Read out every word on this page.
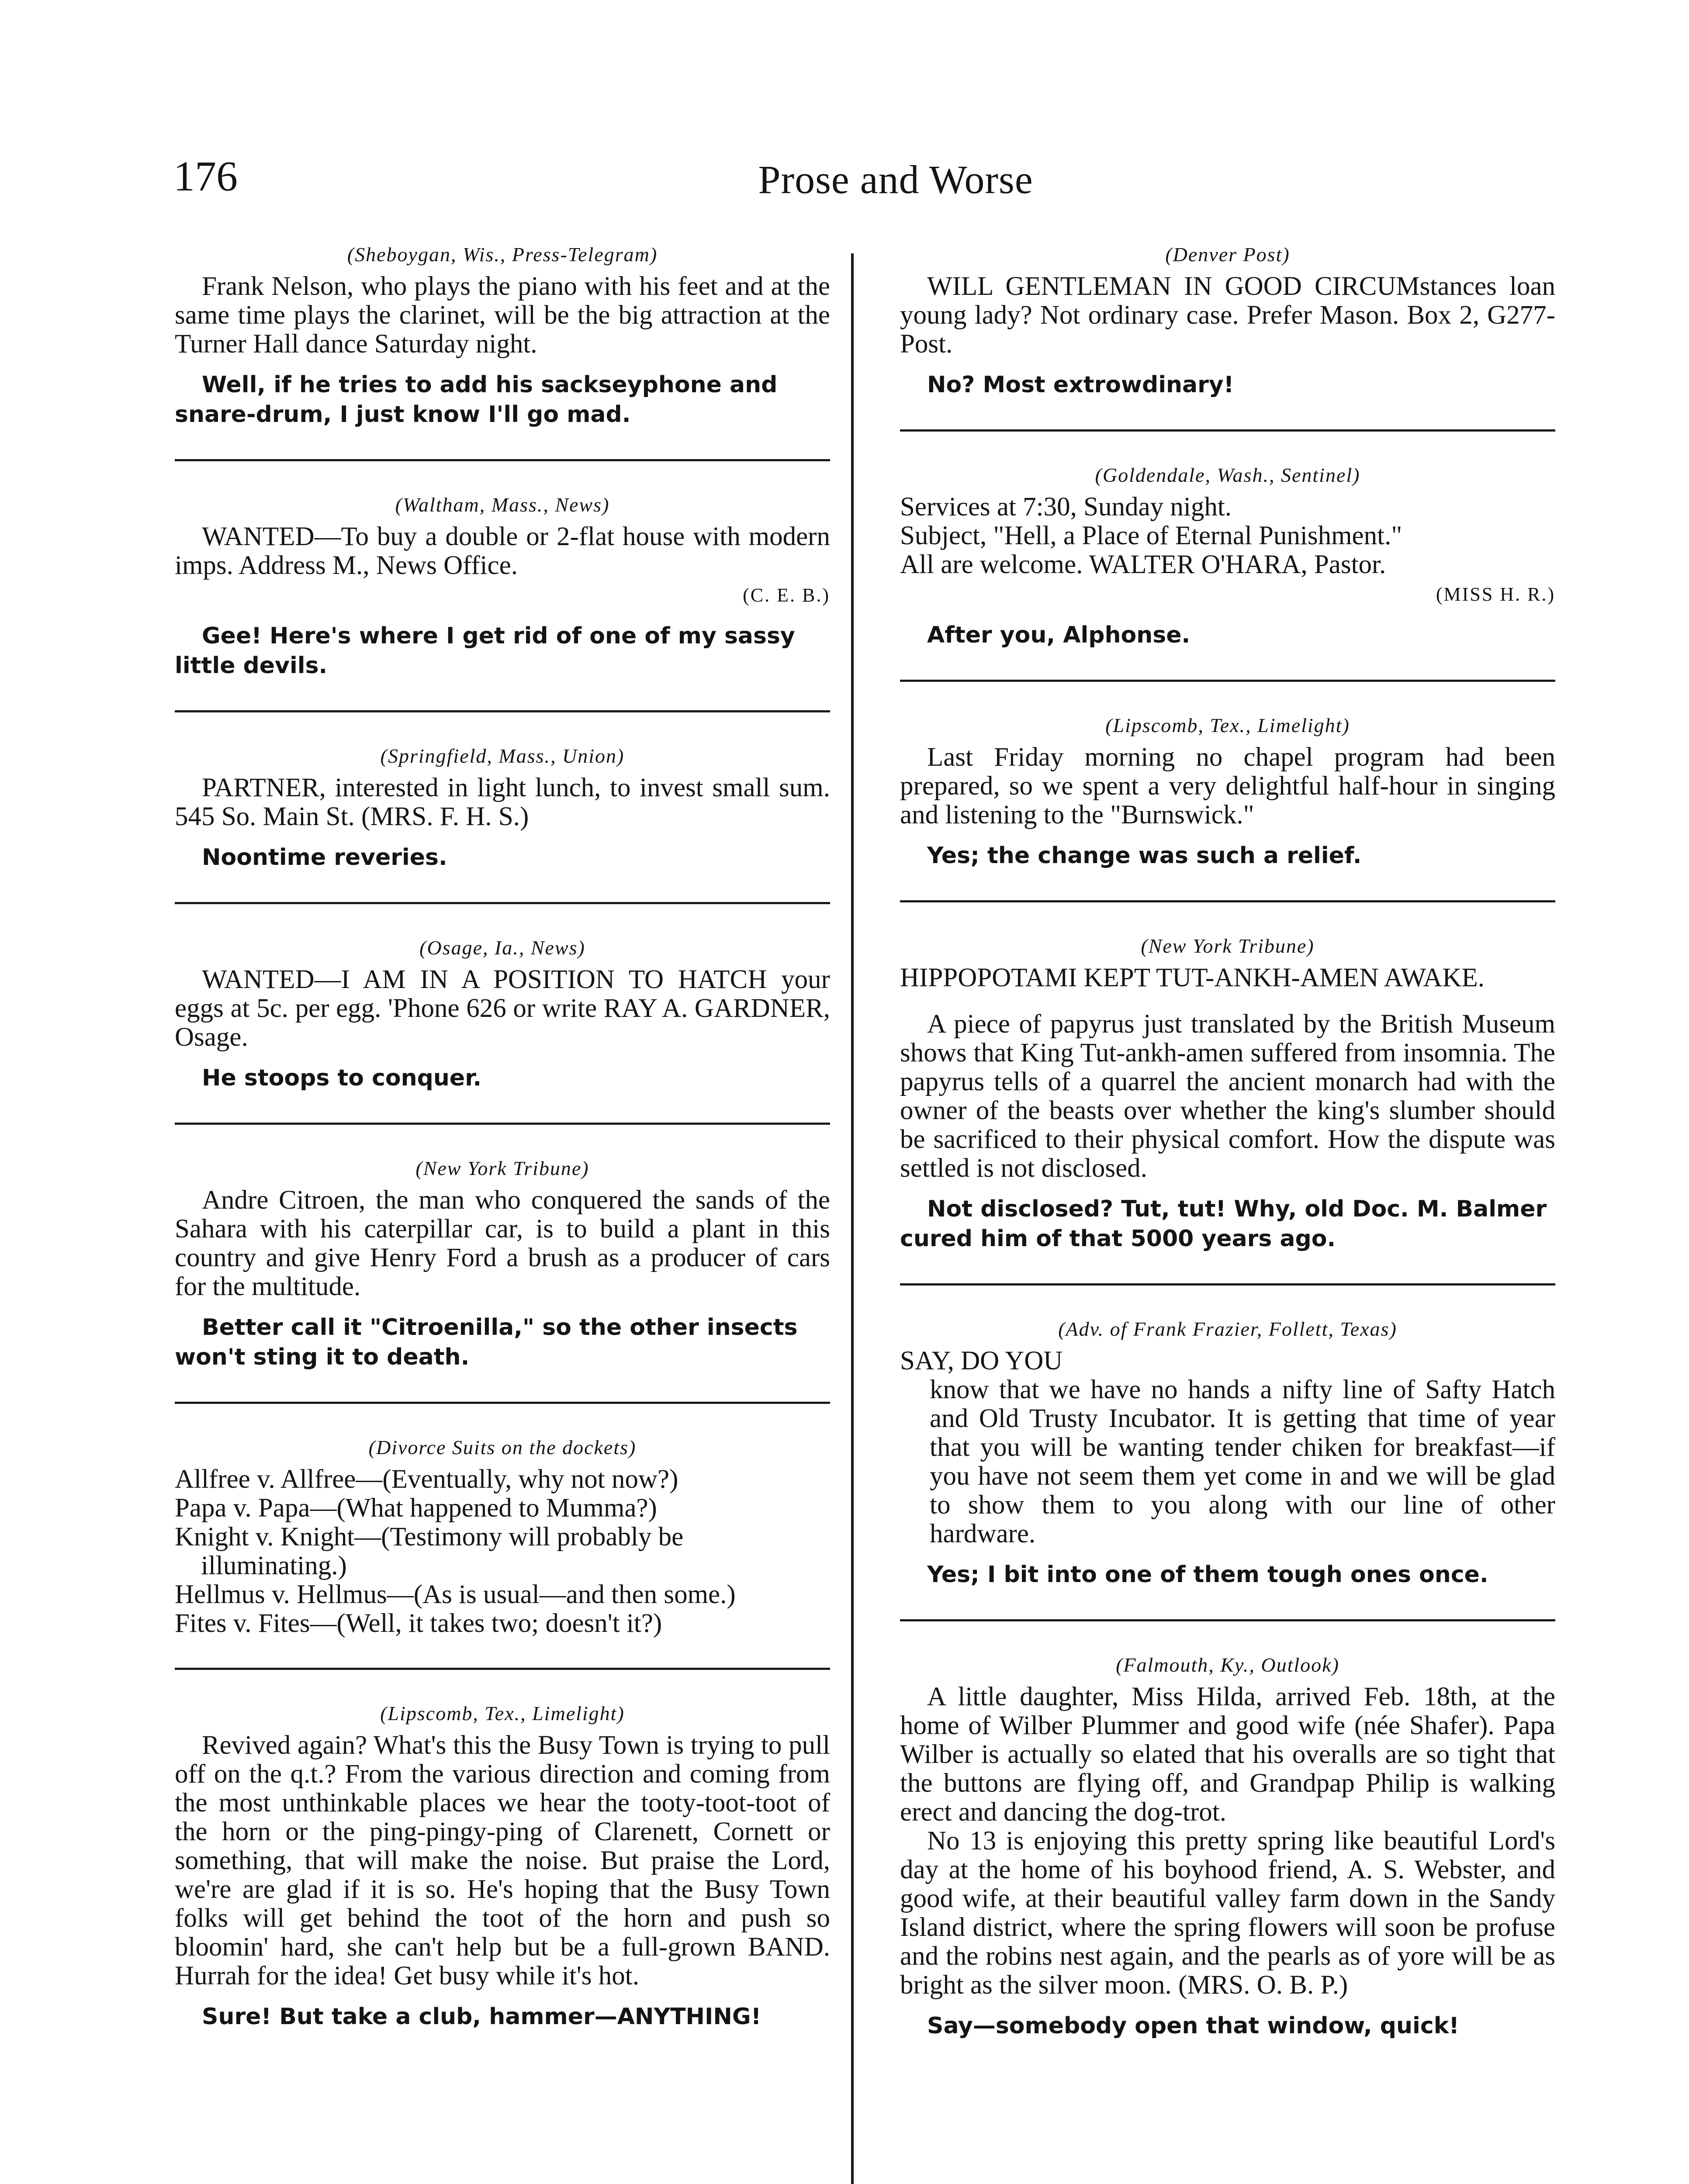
176	Prose and Worse
(Sheboygan, Wis., Press-Telegram)

Frank Nelson, who plays the piano with his feet and at the same time plays the clarinet, will be the big attraction at the Turner Hall dance Saturday night.

Well, if he tries to add his sackseyphone and snare-drum, I just know I'll go mad.
(Waltham, Mass., News)

WANTED—To buy a double or 2-flat house with modern imps. Address M., News Office.

(C. E. B.)
Gee! Here's where I get rid of one of my sassy little devils.
(Springfield, Mass., Union)

PARTNER, interested in light lunch, to invest small sum. 545 So. Main St. (MRS. F. H. S.)

Noontime reveries.
(Osage, Ia., News)

WANTED—I AM IN A POSITION TO HATCH your eggs at 5c. per egg. 'Phone 626 or write RAY A. GARDNER, Osage.

He stoops to conquer.
(New York Tribune)

Andre Citroen, the man who conquered the sands of the Sahara with his caterpillar car, is to build a plant in this country and give Henry Ford a brush as a producer of cars for the multitude.

Better call it "Citroenilla," so the other insects won't sting it to death.
(Divorce Suits on the dockets)

Allfree v. Allfree—(Eventually, why not now?)

Papa v. Papa—(What happened to Mumma?)

Knight v. Knight—(Testimony will probably be illuminating.)

Hellmus v. Hellmus—(As is usual—and then some.)

Fites v. Fites—(Well, it takes two; doesn't it?)

(Lipscomb, Tex., Limelight)

Revived again? What's this the Busy Town is trying to pull off on the q.t.? From the various direction and coming from the most unthinkable places we hear the tooty-toot-toot of the horn or the ping-pingy-ping of Clarenett, Cornett or something, that will make the noise. But praise the Lord, we're are glad if it is so. He's hoping that the Busy Town folks will get behind the toot of the horn and push so bloomin' hard, she can't help but be a full-grown BAND. Hurrah for the idea! Get busy while it's hot.

Sure! But take a club, hammer—ANYTHING!
(Denver Post)

WILL GENTLEMAN IN GOOD CIRCUMstances loan young lady? Not ordinary case. Prefer Mason. Box 2, G277-Post.

No? Most extrowdinary!
(Goldendale, Wash., Sentinel)

Services at 7:30, Sunday night.

Subject, "Hell, a Place of Eternal Punishment."

All are welcome. WALTER O'HARA, Pastor.

(MISS H. R.)
After you, Alphonse.
(Lipscomb, Tex., Limelight)

Last Friday morning no chapel program had been prepared, so we spent a very delightful half-hour in singing and listening to the "Burnswick."

Yes; the change was such a relief.
(New York Tribune)

HIPPOPOTAMI KEPT TUT-ANKH-AMEN AWAKE.

A piece of papyrus just translated by the British Museum shows that King Tut-ankh-amen suffered from insomnia. The papyrus tells of a quarrel the ancient monarch had with the owner of the beasts over whether the king's slumber should be sacrificed to their physical comfort. How the dispute was settled is not disclosed.

Not disclosed? Tut, tut! Why, old Doc. M. Balmer cured him of that 5000 years ago.
(Adv. of Frank Frazier, Follett, Texas)

SAY, DO YOU

know that we have no hands a nifty line of Safty Hatch and Old Trusty Incubator. It is getting that time of year that you will be wanting tender chiken for breakfast—if you have not seem them yet come in and we will be glad to show them to you along with our line of other hardware.

Yes; I bit into one of them tough ones once.
(Falmouth, Ky., Outlook)

A little daughter, Miss Hilda, arrived Feb. 18th, at the home of Wilber Plummer and good wife (née Shafer). Papa Wilber is actually so elated that his overalls are so tight that the buttons are flying off, and Grandpap Philip is walking erect and dancing the dog-trot.

No 13 is enjoying this pretty spring like beautiful Lord's day at the home of his boyhood friend, A. S. Webster, and good wife, at their beautiful valley farm down in the Sandy Island district, where the spring flowers will soon be profuse and the robins nest again, and the pearls as of yore will be as bright as the silver moon. (MRS. O. B. P.)

Say—somebody open that window, quick!
